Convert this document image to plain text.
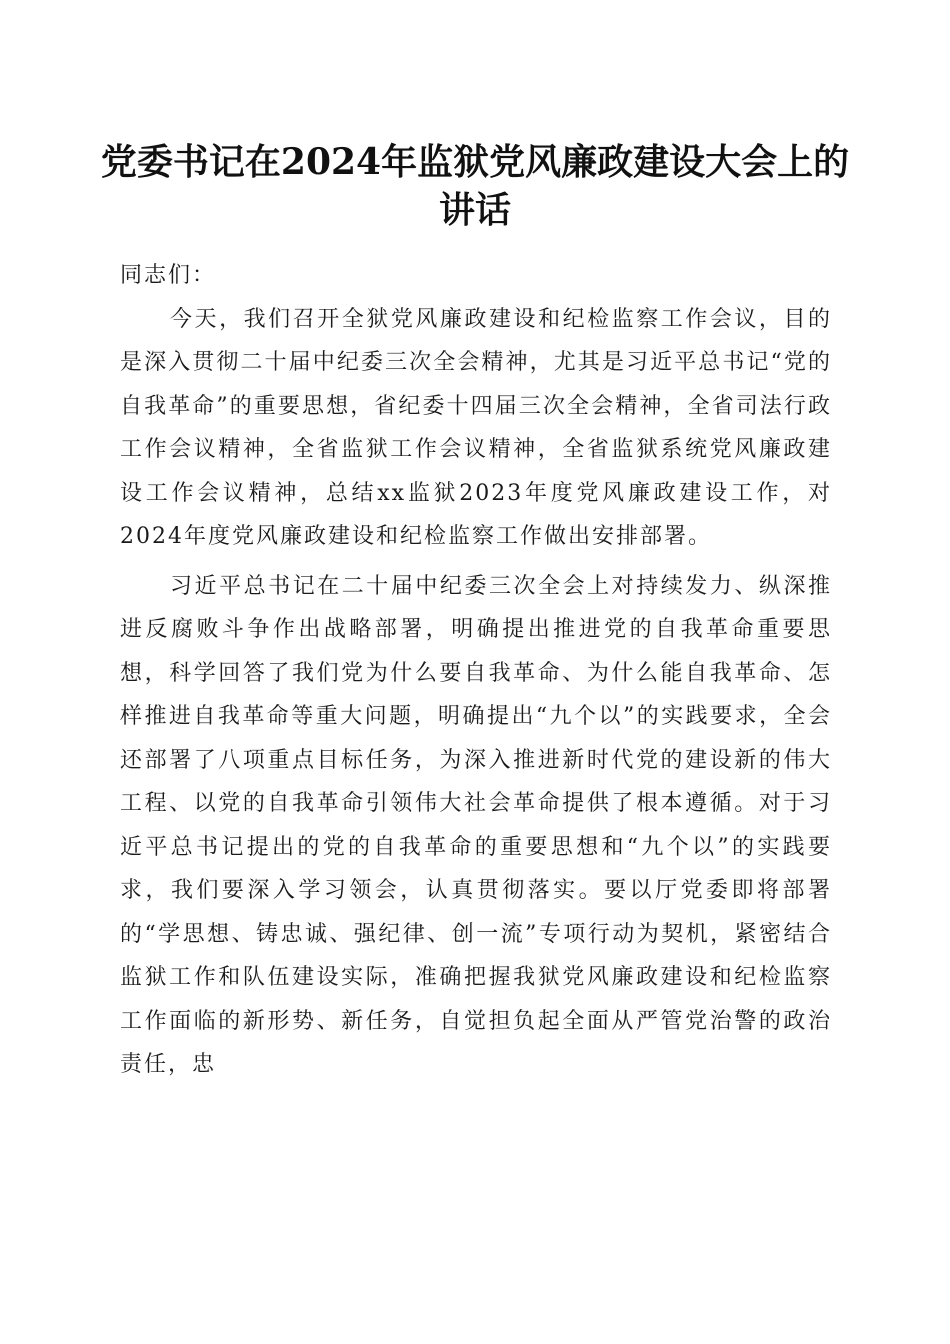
党委书记在2024年监狱党风廉政建设大会上的讲话

同志们：

今天，我们召开全狱党风廉政建设和纪检监察工作会议，目的是深入贯彻二十届中纪委三次全会精神，尤其是习近平总书记“党的自我革命”的重要思想，省纪委十四届三次全会精神，全省司法行政工作会议精神，全省监狱工作会议精神，全省监狱系统党风廉政建设工作会议精神，总结xx监狱2023年度党风廉政建设工作，对2024年度党风廉政建设和纪检监察工作做出安排部署。

习近平总书记在二十届中纪委三次全会上对持续发力、纵深推进反腐败斗争作出战略部署，明确提出推进党的自我革命重要思想，科学回答了我们党为什么要自我革命、为什么能自我革命、怎样推进自我革命等重大问题，明确提出“九个以”的实践要求，全会还部署了八项重点目标任务，为深入推进新时代党的建设新的伟大工程、以党的自我革命引领伟大社会革命提供了根本遵循。对于习近平总书记提出的党的自我革命的重要思想和“九个以”的实践要求，我们要深入学习领会，认真贯彻落实。要以厅党委即将部署的“学思想、铸忠诚、强纪律、创一流”专项行动为契机，紧密结合监狱工作和队伍建设实际，准确把握我狱党风廉政建设和纪检监察工作面临的新形势、新任务，自觉担负起全面从严管党治警的政治责任，忠
